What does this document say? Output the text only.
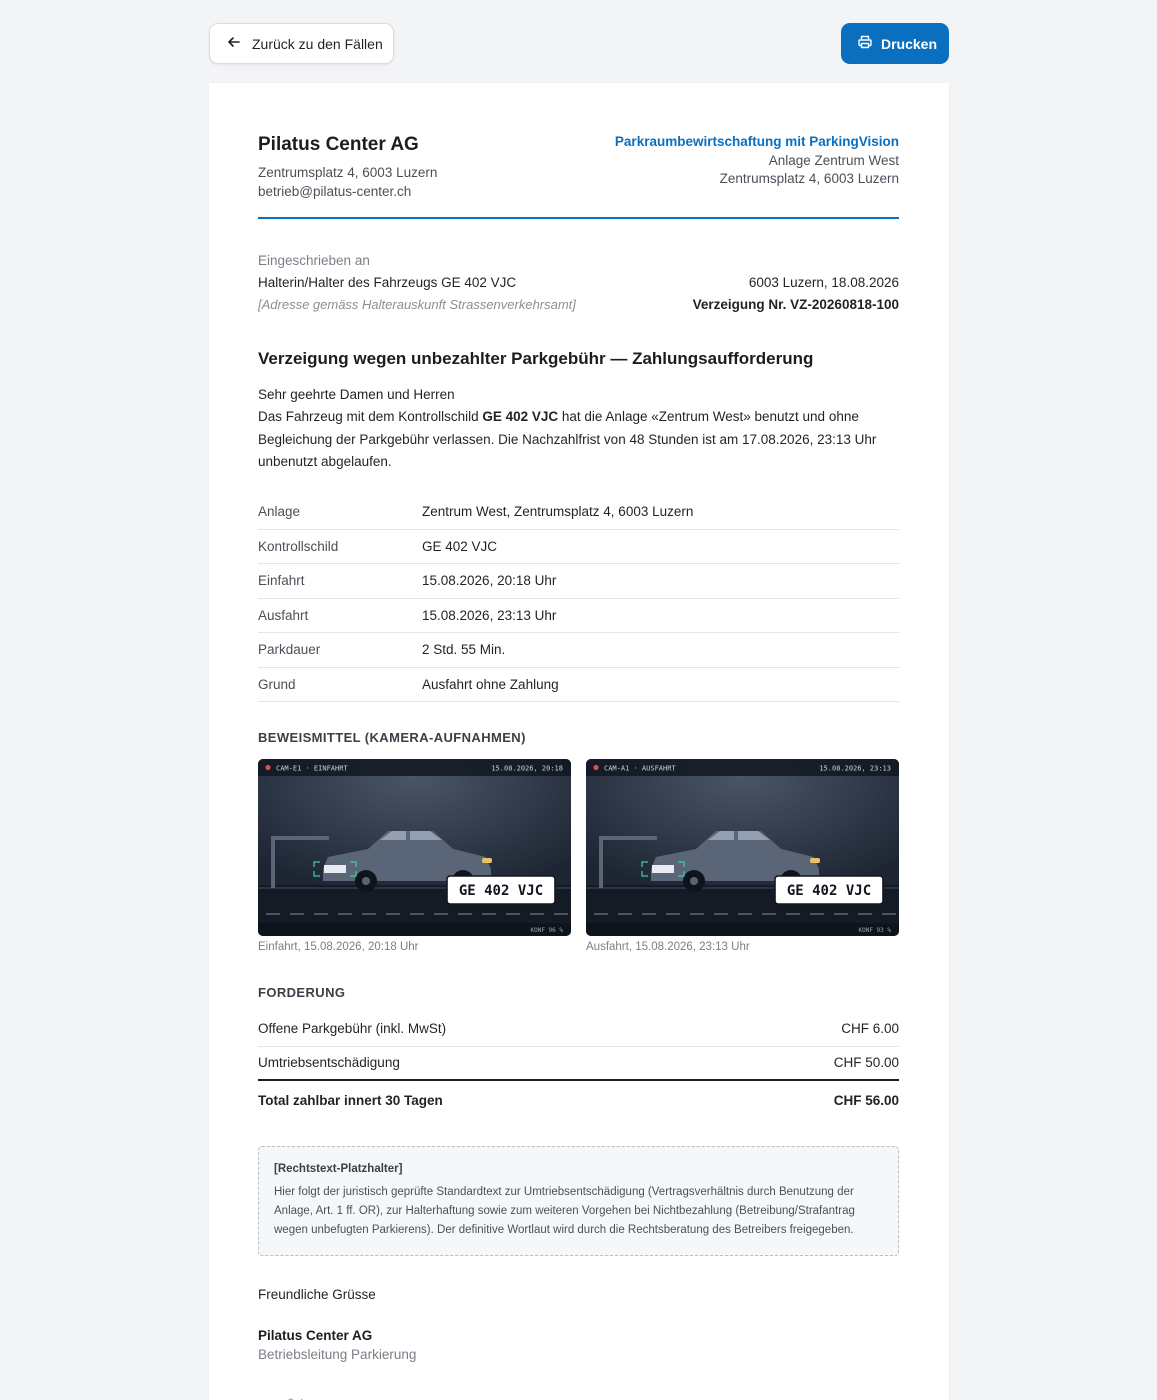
Zurück zu den Fällen	Drucken
Pilatus Center AG
Zentrumsplatz 4, 6003 Luzern
betrieb@pilatus-center.ch
Parkraumbewirtschaftung mit ParkingVision
Anlage Zentrum West
Zentrumsplatz 4, 6003 Luzern
Eingeschrieben an
Halterin/Halter des Fahrzeugs GE 402 VJC
[Adresse gemäss Halterauskunft Strassenverkehrsamt]
6003 Luzern, 18.08.2026
Verzeigung Nr. VZ-20260818-100
Verzeigung wegen unbezahlter Parkgebühr — Zahlungsaufforderung
Sehr geehrte Damen und Herren
Das Fahrzeug mit dem Kontrollschild GE 402 VJC hat die Anlage «Zentrum West» benutzt und ohne Begleichung der Parkgebühr verlassen. Die Nachzahlfrist von 48 Stunden ist am 17.08.2026, 23:13 Uhr unbenutzt abgelaufen.
Anlage	Zentrum West, Zentrumsplatz 4, 6003 Luzern
Kontrollschild	GE 402 VJC
Einfahrt	15.08.2026, 20:18 Uhr
Ausfahrt	15.08.2026, 23:13 Uhr
Parkdauer	2 Std. 55 Min.
Grund	Ausfahrt ohne Zahlung
BEWEISMITTEL (KAMERA-AUFNAHMEN)
CAM-E1 · EINFAHRT	15.08.2026, 20:18
GE 402 VJC
KONF 96 %
Einfahrt, 15.08.2026, 20:18 Uhr
CAM-A1 · AUSFAHRT	15.08.2026, 23:13
GE 402 VJC
KONF 93 %
Ausfahrt, 15.08.2026, 23:13 Uhr
FORDERUNG
Offene Parkgebühr (inkl. MwSt)	CHF 6.00
Umtriebsentschädigung	CHF 50.00
Total zahlbar innert 30 Tagen	CHF 56.00
[Rechtstext-Platzhalter]
Hier folgt der juristisch geprüfte Standardtext zur Umtriebsentschädigung (Vertragsverhältnis durch Benutzung der Anlage, Art. 1 ff. OR), zur Halterhaftung sowie zum weiteren Vorgehen bei Nichtbezahlung (Betreibung/Strafantrag wegen unbefugten Parkierens). Der definitive Wortlaut wird durch die Rechtsberatung des Betreibers freigegeben.
Freundliche Grüsse
Pilatus Center AG
Betriebsleitung Parkierung
